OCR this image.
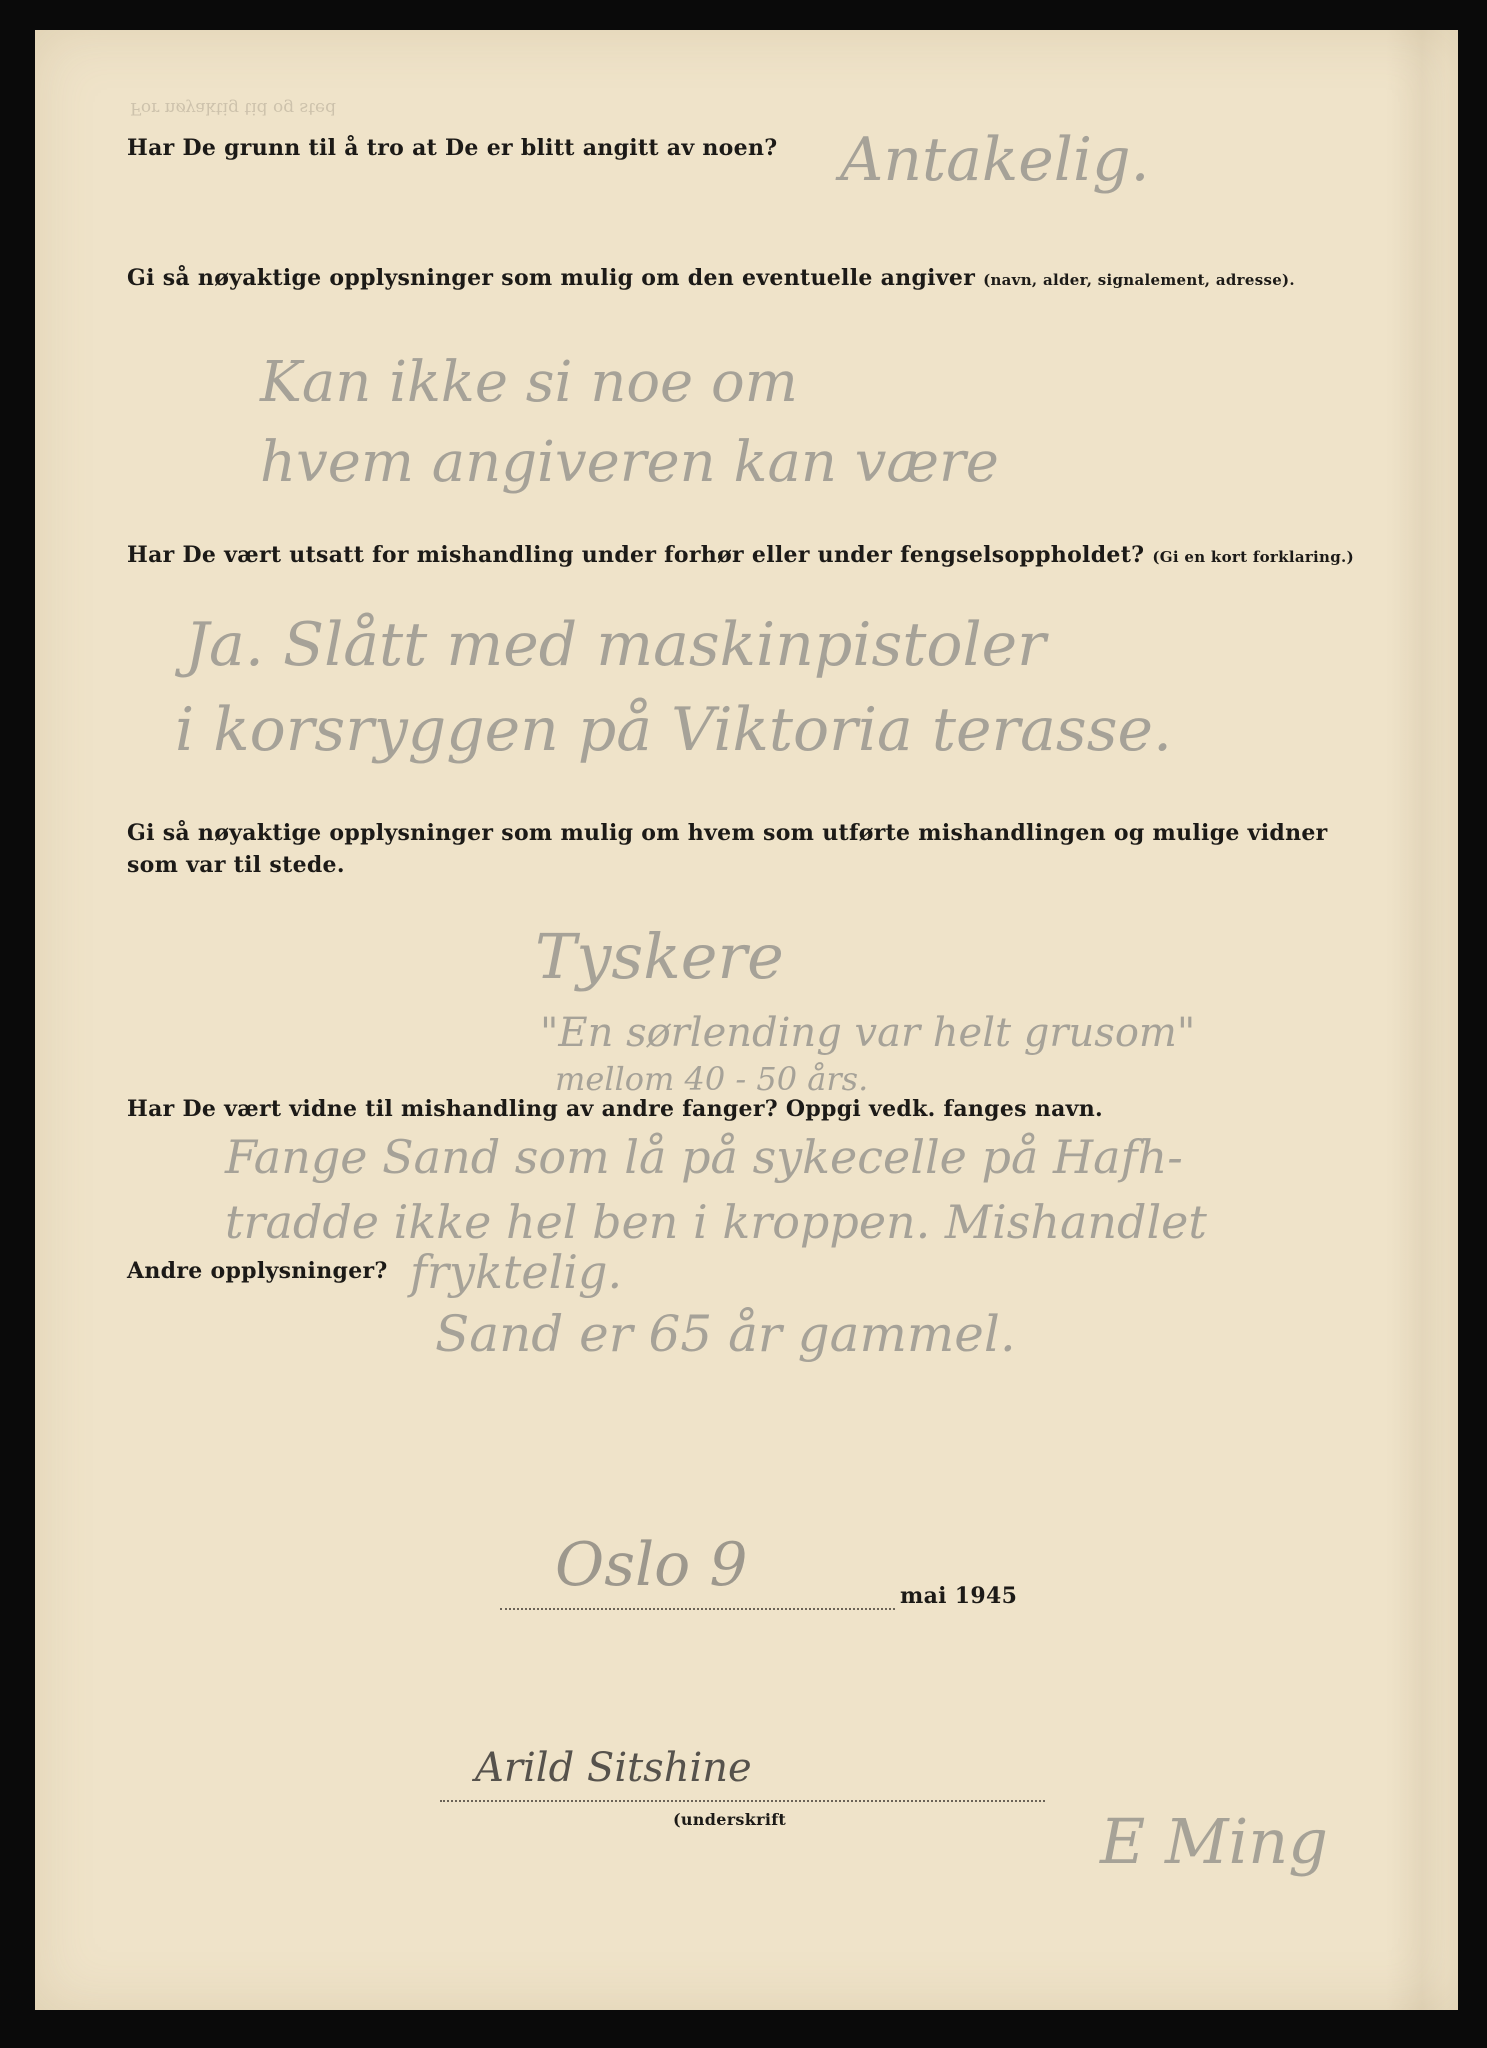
For nøyaktig tid og sted
Har De grunn til å tro at De er blitt angitt av noen? Antakelig.
Gi så nøyaktige opplysninger som mulig om den eventuelle angiver (navn, alder, signalement, adresse).
Kan ikke si noe om
hvem angiveren kan være
Har De vært utsatt for mishandling under forhør eller under fengselsoppholdet? (Gi en kort forklaring.)
Ja. Slått med maskinpistoler
i korsryggen på Viktoria terasse.
Gi så nøyaktige opplysninger som mulig om hvem som utførte mishandlingen og mulige vidner
som var til stede.
Tyskere
"En sørlending var helt grusom"
mellom 40 - 50 års.
Har De vært vidne til mishandling av andre fanger? Oppgi vedk. fanges navn.
Fange Sand som lå på sykecelle på Hafh-
tradde ikke hel ben i kroppen. Mishandlet
Andre opplysninger? fryktelig.
Sand er 65 år gammel.
Oslo 9	mai 1945
Arild Sitshine
(underskrift	E Ming
